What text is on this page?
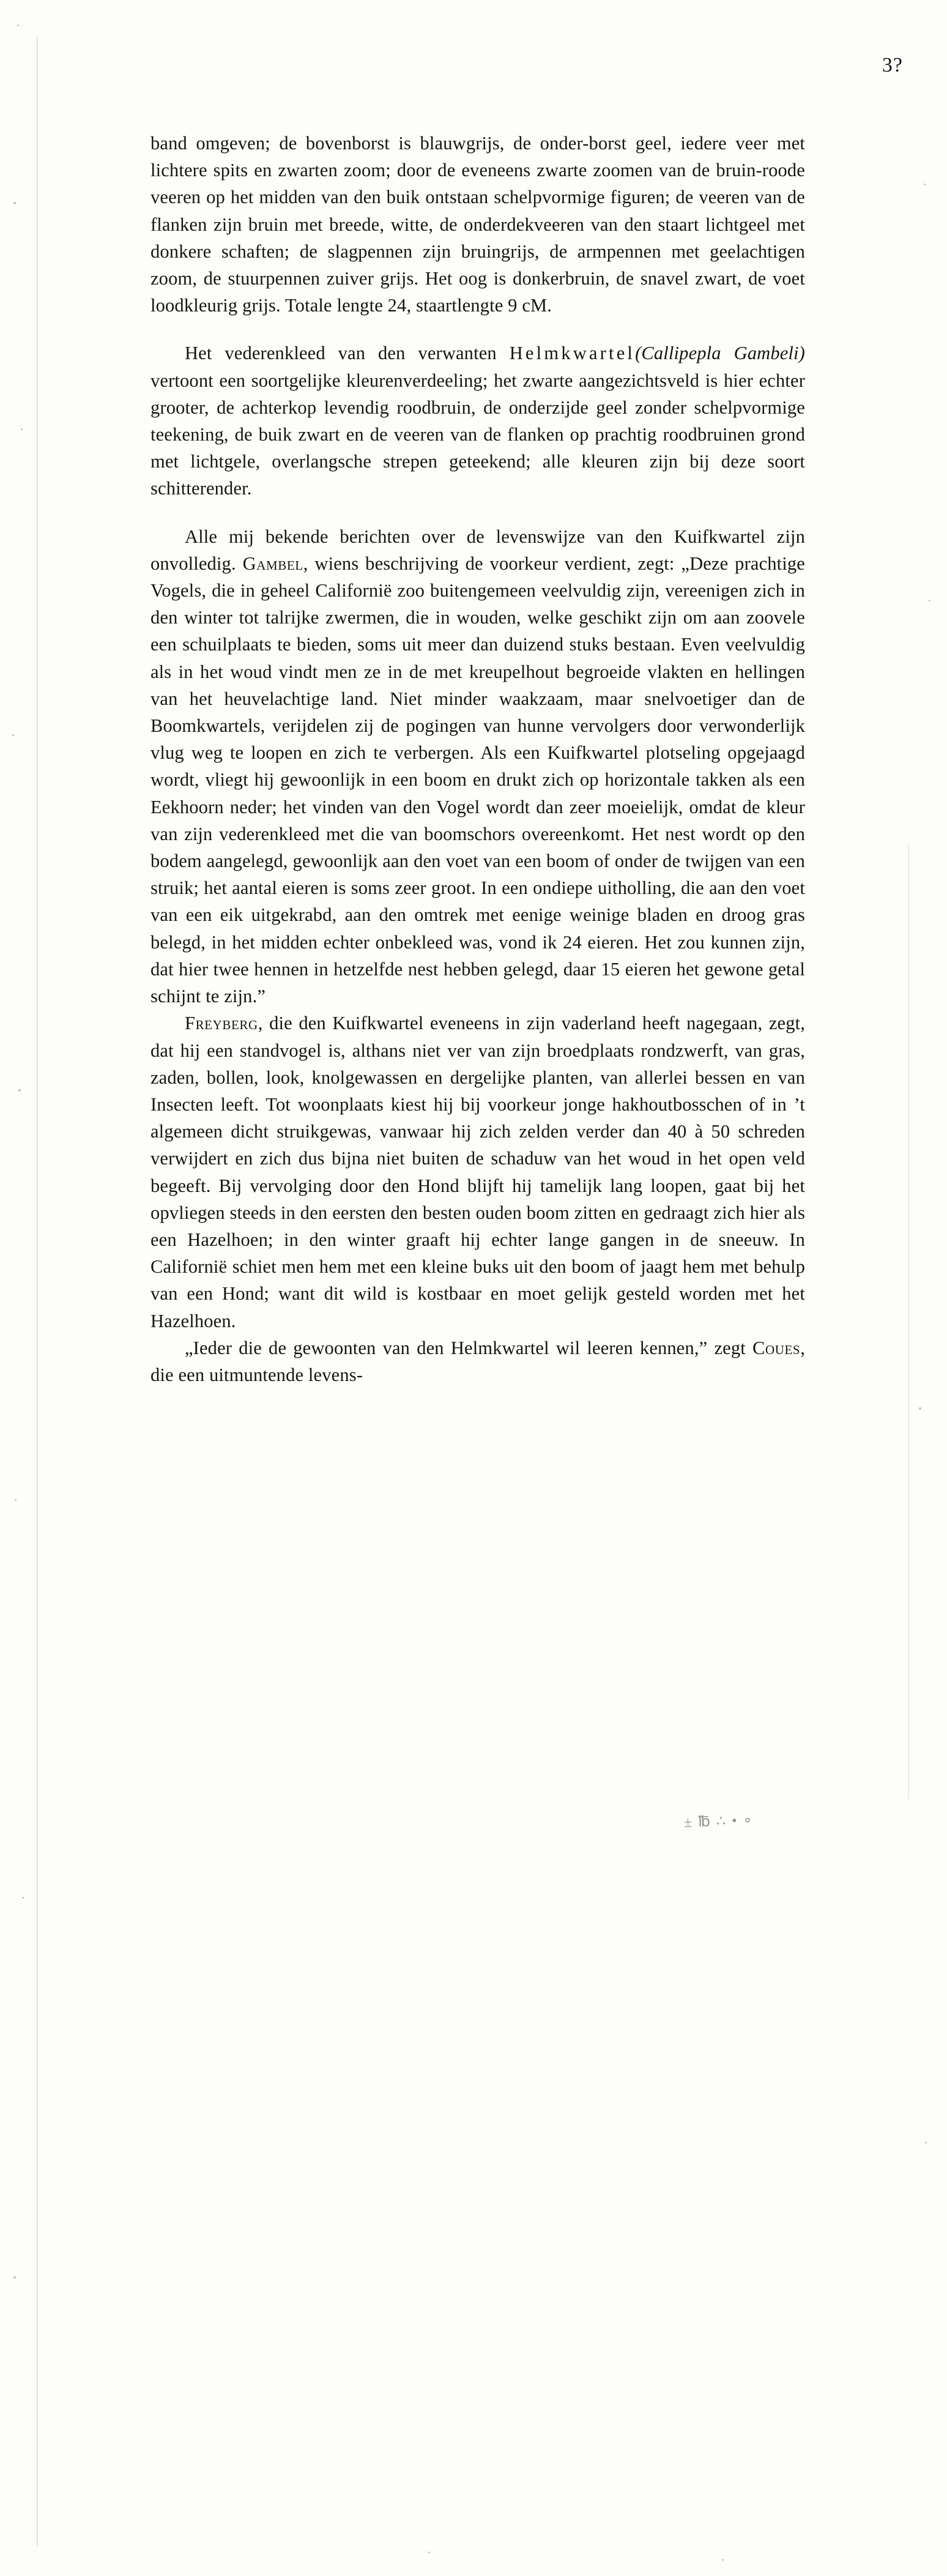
3?
± ℔ ∴ • ∘

band omgeven; de bovenborst is blauwgrijs, de onder-borst geel, iedere veer met lichtere spits en zwarten zoom; door de eveneens zwarte zoomen van de bruin-roode veeren op het midden van den buik ontstaan schelpvormige figuren; de veeren van de flanken zijn bruin met breede, witte, de onderdekveeren van den staart lichtgeel met donkere schaften; de slagpennen zijn bruingrijs, de armpennen met geelachtigen zoom, de stuurpennen zuiver grijs. Het oog is donkerbruin, de snavel zwart, de voet loodkleurig grijs. Totale lengte 24, staartlengte 9 cM.

Het vederenkleed van den verwanten Helmkwartel(Callipepla Gambeli) vertoont een soortgelijke kleurenverdeeling; het zwarte aangezichtsveld is hier echter grooter, de achterkop levendig roodbruin, de onderzijde geel zonder schelpvormige teekening, de buik zwart en de veeren van de flanken op prachtig roodbruinen grond met lichtgele, overlangsche strepen geteekend; alle kleuren zijn bij deze soort schitterender.

Alle mij bekende berichten over de levenswijze van den Kuifkwartel zijn onvolledig. Gambel, wiens beschrijving de voorkeur verdient, zegt: „Deze prachtige Vogels, die in geheel Californië zoo buitengemeen veelvuldig zijn, vereenigen zich in den winter tot talrijke zwermen, die in wouden, welke geschikt zijn om aan zoovele een schuilplaats te bieden, soms uit meer dan duizend stuks bestaan. Even veelvuldig als in het woud vindt men ze in de met kreupelhout begroeide vlakten en hellingen van het heuvelachtige land. Niet minder waakzaam, maar snelvoetiger dan de Boomkwartels, verijdelen zij de pogingen van hunne vervolgers door verwonderlijk vlug weg te loopen en zich te verbergen. Als een Kuifkwartel plotseling opgejaagd wordt, vliegt hij gewoonlijk in een boom en drukt zich op horizontale takken als een Eekhoorn neder; het vinden van den Vogel wordt dan zeer moeielijk, omdat de kleur van zijn vederenkleed met die van boomschors overeenkomt. Het nest wordt op den bodem aangelegd, gewoonlijk aan den voet van een boom of onder de twijgen van een struik; het aantal eieren is soms zeer groot. In een ondiepe uitholling, die aan den voet van een eik uitgekrabd, aan den omtrek met eenige weinige bladen en droog gras belegd, in het midden echter onbekleed was, vond ik 24 eieren. Het zou kunnen zijn, dat hier twee hennen in hetzelfde nest hebben gelegd, daar 15 eieren het gewone getal schijnt te zijn.”

Freyberg, die den Kuifkwartel eveneens in zijn vaderland heeft nagegaan, zegt, dat hij een standvogel is, althans niet ver van zijn broedplaats rondzwerft, van gras, zaden, bollen, look, knolgewassen en dergelijke planten, van allerlei bessen en van Insecten leeft. Tot woonplaats kiest hij bij voorkeur jonge hakhoutbosschen of in ’t algemeen dicht struikgewas, vanwaar hij zich zelden verder dan 40 à 50 schreden verwijdert en zich dus bijna niet buiten de schaduw van het woud in het open veld begeeft. Bij vervolging door den Hond blijft hij tamelijk lang loopen, gaat bij het opvliegen steeds in den eersten den besten ouden boom zitten en gedraagt zich hier als een Hazelhoen; in den winter graaft hij echter lange gangen in de sneeuw. In Californië schiet men hem met een kleine buks uit den boom of jaagt hem met behulp van een Hond; want dit wild is kostbaar en moet gelijk gesteld worden met het Hazelhoen.

„Ieder die de gewoonten van den Helmkwartel wil leeren kennen,” zegt Coues, die een uitmuntende levens-
